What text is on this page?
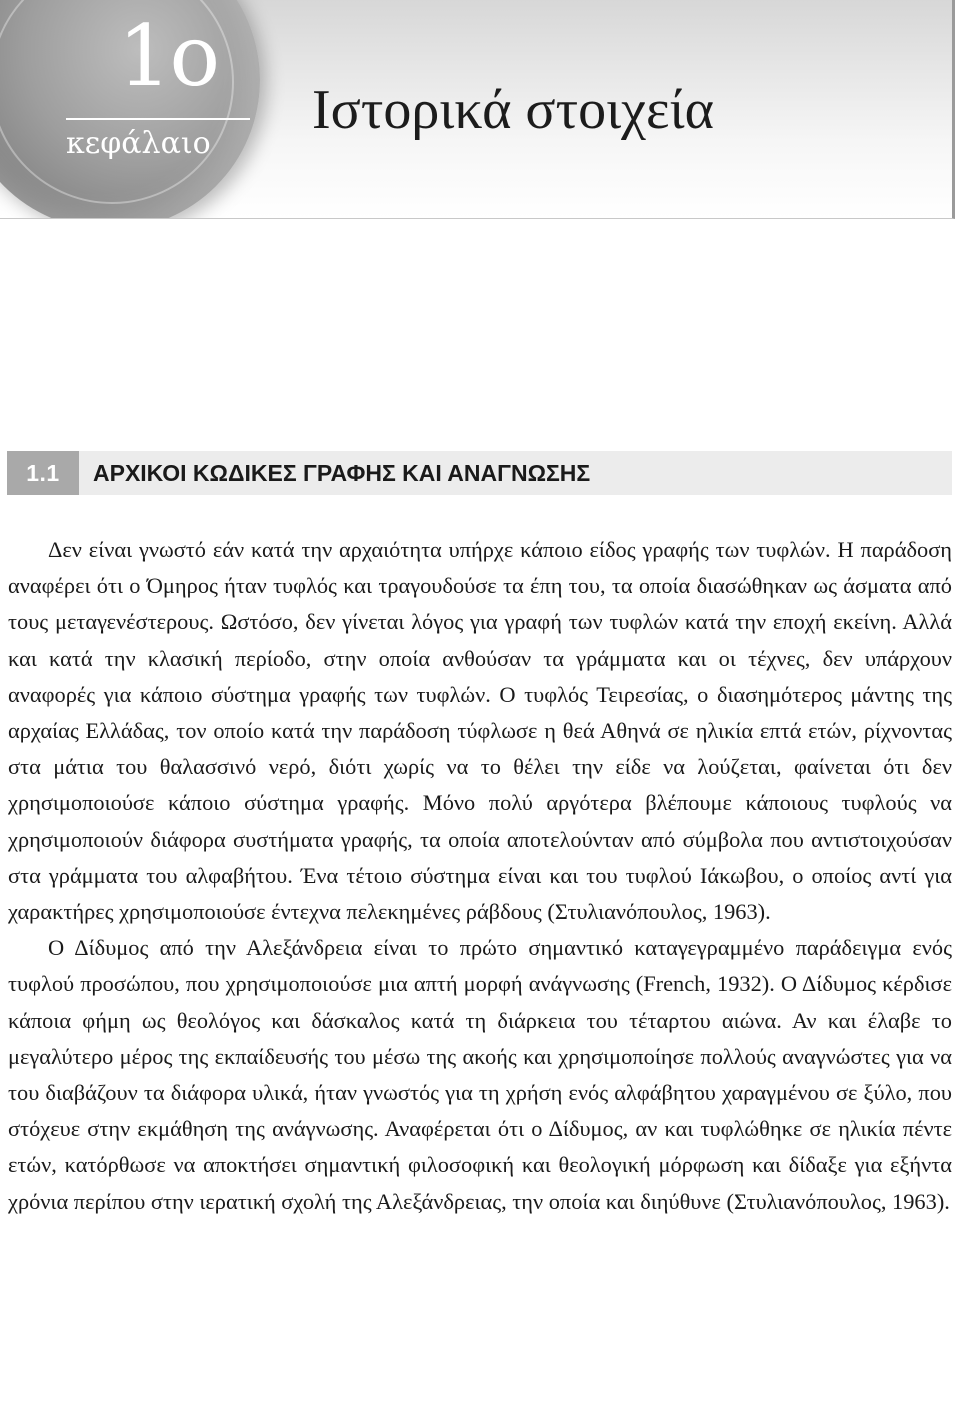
1ο
κεφάλαιο
Ιστορικά στοιχεία
1.1	ΑΡΧΙΚΟΙ ΚΩΔΙΚΕΣ ΓΡΑΦΗΣ ΚΑΙ ΑΝΑΓΝΩΣΗΣ

Δεν είναι γνωστό εάν κατά την αρχαιότητα υπήρχε κάποιο είδος γραφής των τυφλών. Η παράδοση αναφέρει ότι ο Όμηρος ήταν τυφλός και τραγουδούσε τα έπη του, τα οποία διασώθηκαν ως άσματα από τους μεταγενέστερους. Ωστόσο, δεν γίνεται λόγος για γραφή των τυφλών κατά την εποχή εκείνη. Αλλά και κατά την κλασική περίοδο, στην οποία ανθούσαν τα γράμματα και οι τέχνες, δεν υπάρχουν αναφορές για κάποιο σύστημα γραφής των τυφλών. Ο τυφλός Τειρεσίας, ο διασημότερος μάντης της αρχαίας Ελλάδας, τον οποίο κατά την παράδοση τύφλωσε η θεά Αθηνά σε ηλικία επτά ετών, ρίχνοντας στα μάτια του θαλασσινό νερό, διότι χωρίς να το θέλει την είδε να λούζεται, φαίνεται ότι δεν χρησιμοποιούσε κάποιο σύστημα γραφής. Μόνο πολύ αργότερα βλέπουμε κάποιους τυφλούς να χρησιμοποιούν διάφορα συστήματα γραφής, τα οποία αποτελούνταν από σύμβολα που αντιστοιχούσαν στα γράμματα του αλφαβήτου. Ένα τέτοιο σύστημα είναι και του τυφλού Ιάκωβου, ο οποίος αντί για χαρακτήρες χρησιμοποιούσε έντεχνα πελεκημένες ράβδους (Στυλιανόπουλος, 1963).

Ο Δίδυμος από την Αλεξάνδρεια είναι το πρώτο σημαντικό καταγεγραμμένο παράδειγμα ενός τυφλού προσώπου, που χρησιμοποιούσε μια απτή μορφή ανάγνωσης (French, 1932). Ο Δίδυμος κέρδισε κάποια φήμη ως θεολόγος και δάσκαλος κατά τη διάρκεια του τέταρτου αιώνα. Αν και έλαβε το μεγαλύτερο μέρος της εκπαίδευσής του μέσω της ακοής και χρησιμοποίησε πολλούς αναγνώστες για να του διαβάζουν τα διάφορα υλικά, ήταν γνωστός για τη χρήση ενός αλφάβητου χαραγμένου σε ξύλο, που στόχευε στην εκμάθηση της ανάγνωσης. Αναφέρεται ότι ο Δίδυμος, αν και τυφλώθηκε σε ηλικία πέντε ετών, κατόρθωσε να αποκτήσει σημαντική φιλοσοφική και θεολογική μόρφωση και δίδαξε για εξήντα χρόνια περίπου στην ιερατική σχολή της Αλεξάνδρειας, την οποία και διηύθυνε (Στυλιανόπουλος, 1963).
